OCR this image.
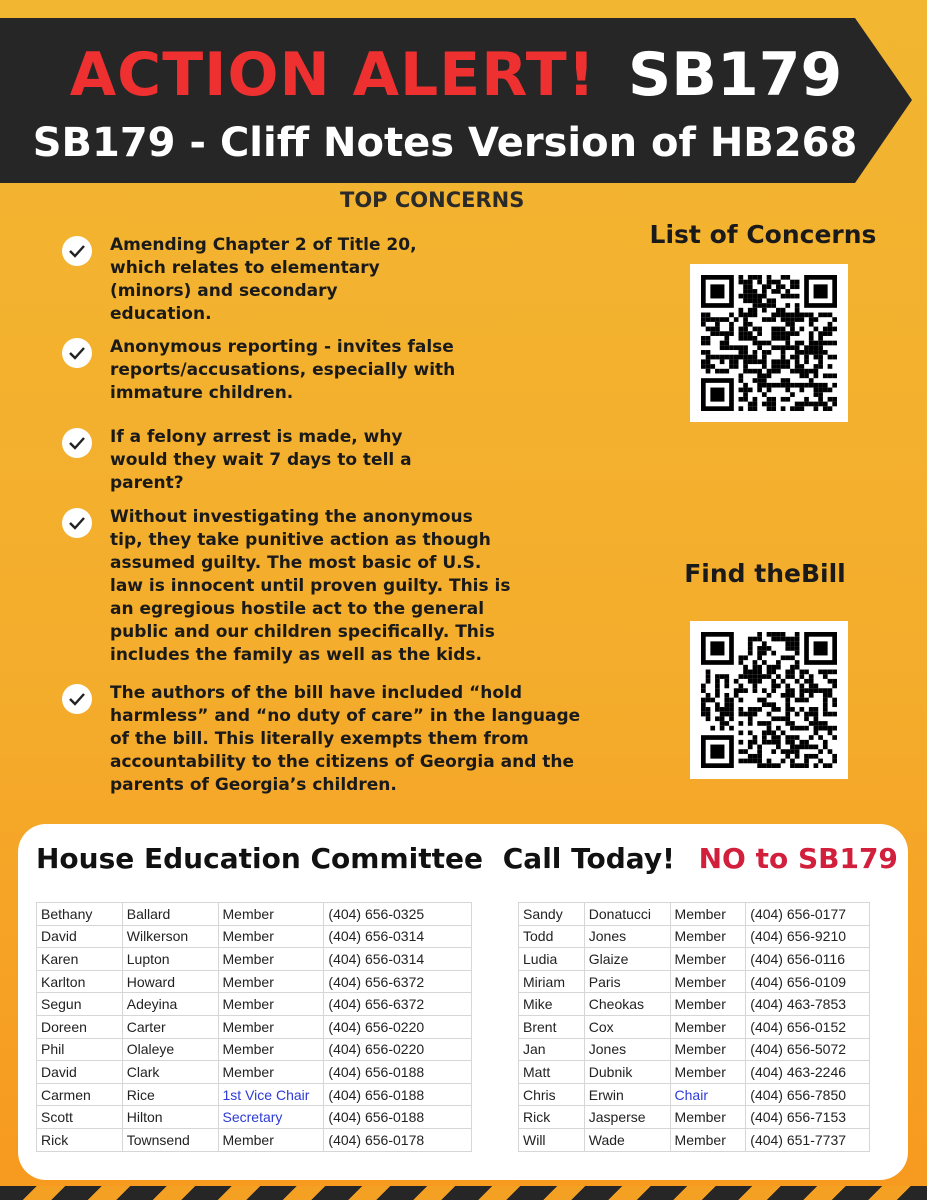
ACTION ALERT! SB179
SB179 - Cliff Notes Version of HB268
TOP CONCERNS

Amending Chapter 2 of Title 20,
which relates to elementary
(minors) and secondary
education.

Anonymous reporting - invites false
reports/accusations, especially with
immature children.

If a felony arrest is made, why
would they wait 7 days to tell a
parent?

Without investigating the anonymous
tip, they take punitive action as though
assumed guilty. The most basic of U.S.
law is innocent until proven guilty. This is
an egregious hostile act to the general
public and our children specifically. This
includes the family as well as the kids.

The authors of the bill have included “hold
harmless” and “no duty of care” in the language
of the bill. This literally exempts them from
accountability to the citizens of Georgia and the
parents of Georgia’s children.

List of Concerns
Find theBill
House Education Committee Call Today! NO to SB179
Bethany	Ballard	Member	(404) 656-0325
David	Wilkerson	Member	(404) 656-0314
Karen	Lupton	Member	(404) 656-0314
Karlton	Howard	Member	(404) 656-6372
Segun	Adeyina	Member	(404) 656-6372
Doreen	Carter	Member	(404) 656-0220
Phil	Olaleye	Member	(404) 656-0220
David	Clark	Member	(404) 656-0188
Carmen	Rice	1st Vice Chair	(404) 656-0188
Scott	Hilton	Secretary	(404) 656-0188
Rick	Townsend	Member	(404) 656-0178
Sandy	Donatucci	Member	(404) 656-0177
Todd	Jones	Member	(404) 656-9210
Ludia	Glaize	Member	(404) 656-0116
Miriam	Paris	Member	(404) 656-0109
Mike	Cheokas	Member	(404) 463-7853
Brent	Cox	Member	(404) 656-0152
Jan	Jones	Member	(404) 656-5072
Matt	Dubnik	Member	(404) 463-2246
Chris	Erwin	Chair	(404) 656-7850
Rick	Jasperse	Member	(404) 656-7153
Will	Wade	Member	(404) 651-7737
